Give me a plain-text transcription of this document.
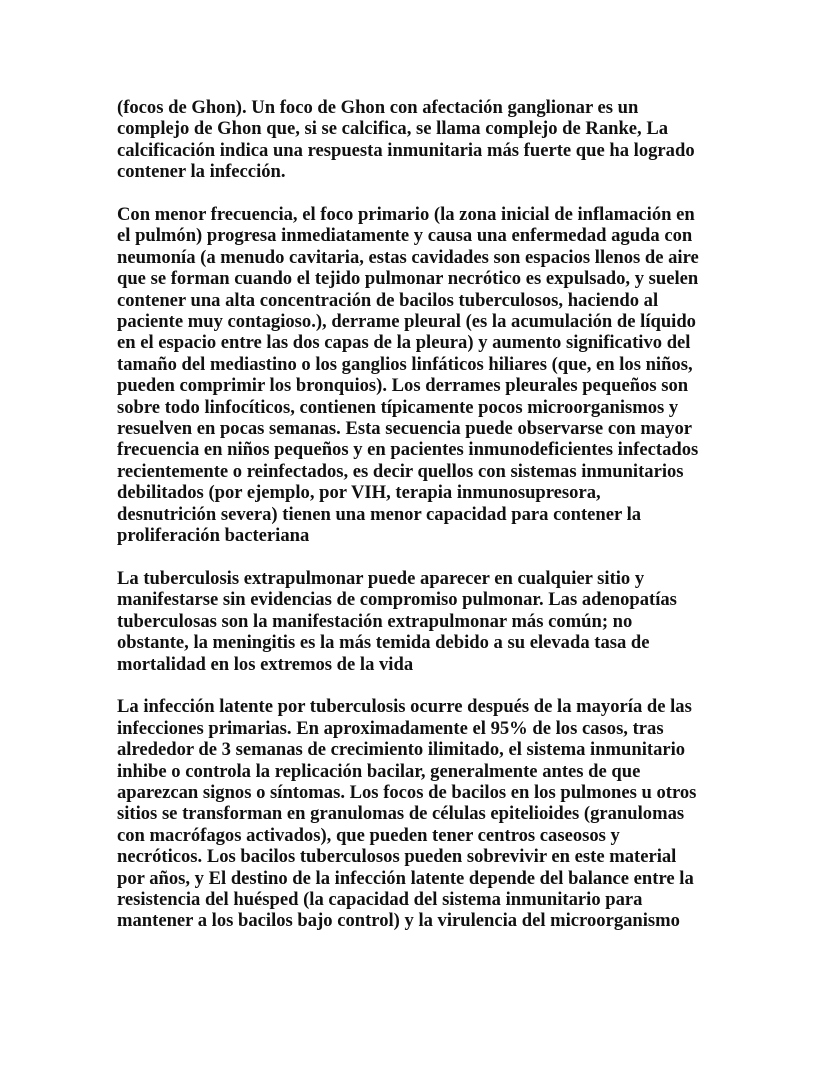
(focos de Ghon). Un foco de Ghon con afectación ganglionar es un
complejo de Ghon que, si se calcifica, se llama complejo de Ranke, La
calcificación indica una respuesta inmunitaria más fuerte que ha logrado
contener la infección.

Con menor frecuencia, el foco primario (la zona inicial de inflamación en
el pulmón) progresa inmediatamente y causa una enfermedad aguda con
neumonía (a menudo cavitaria, estas cavidades son espacios llenos de aire
que se forman cuando el tejido pulmonar necrótico es expulsado, y suelen
contener una alta concentración de bacilos tuberculosos, haciendo al
paciente muy contagioso.), derrame pleural (es la acumulación de líquido
en el espacio entre las dos capas de la pleura) y aumento significativo del
tamaño del mediastino o los ganglios linfáticos hiliares (que, en los niños,
pueden comprimir los bronquios). Los derrames pleurales pequeños son
sobre todo linfocíticos, contienen típicamente pocos microorganismos y
resuelven en pocas semanas. Esta secuencia puede observarse con mayor
frecuencia en niños pequeños y en pacientes inmunodeficientes infectados
recientemente o reinfectados, es decir quellos con sistemas inmunitarios
debilitados (por ejemplo, por VIH, terapia inmunosupresora,
desnutrición severa) tienen una menor capacidad para contener la
proliferación bacteriana

La tuberculosis extrapulmonar puede aparecer en cualquier sitio y
manifestarse sin evidencias de compromiso pulmonar. Las adenopatías
tuberculosas son la manifestación extrapulmonar más común; no
obstante, la meningitis es la más temida debido a su elevada tasa de
mortalidad en los extremos de la vida

La infección latente por tuberculosis ocurre después de la mayoría de las
infecciones primarias. En aproximadamente el 95% de los casos, tras
alrededor de 3 semanas de crecimiento ilimitado, el sistema inmunitario
inhibe o controla la replicación bacilar, generalmente antes de que
aparezcan signos o síntomas. Los focos de bacilos en los pulmones u otros
sitios se transforman en granulomas de células epitelioides (granulomas
con macrófagos activados), que pueden tener centros caseosos y
necróticos. Los bacilos tuberculosos pueden sobrevivir en este material
por años, y El destino de la infección latente depende del balance entre la
resistencia del huésped (la capacidad del sistema inmunitario para
mantener a los bacilos bajo control) y la virulencia del microorganismo
